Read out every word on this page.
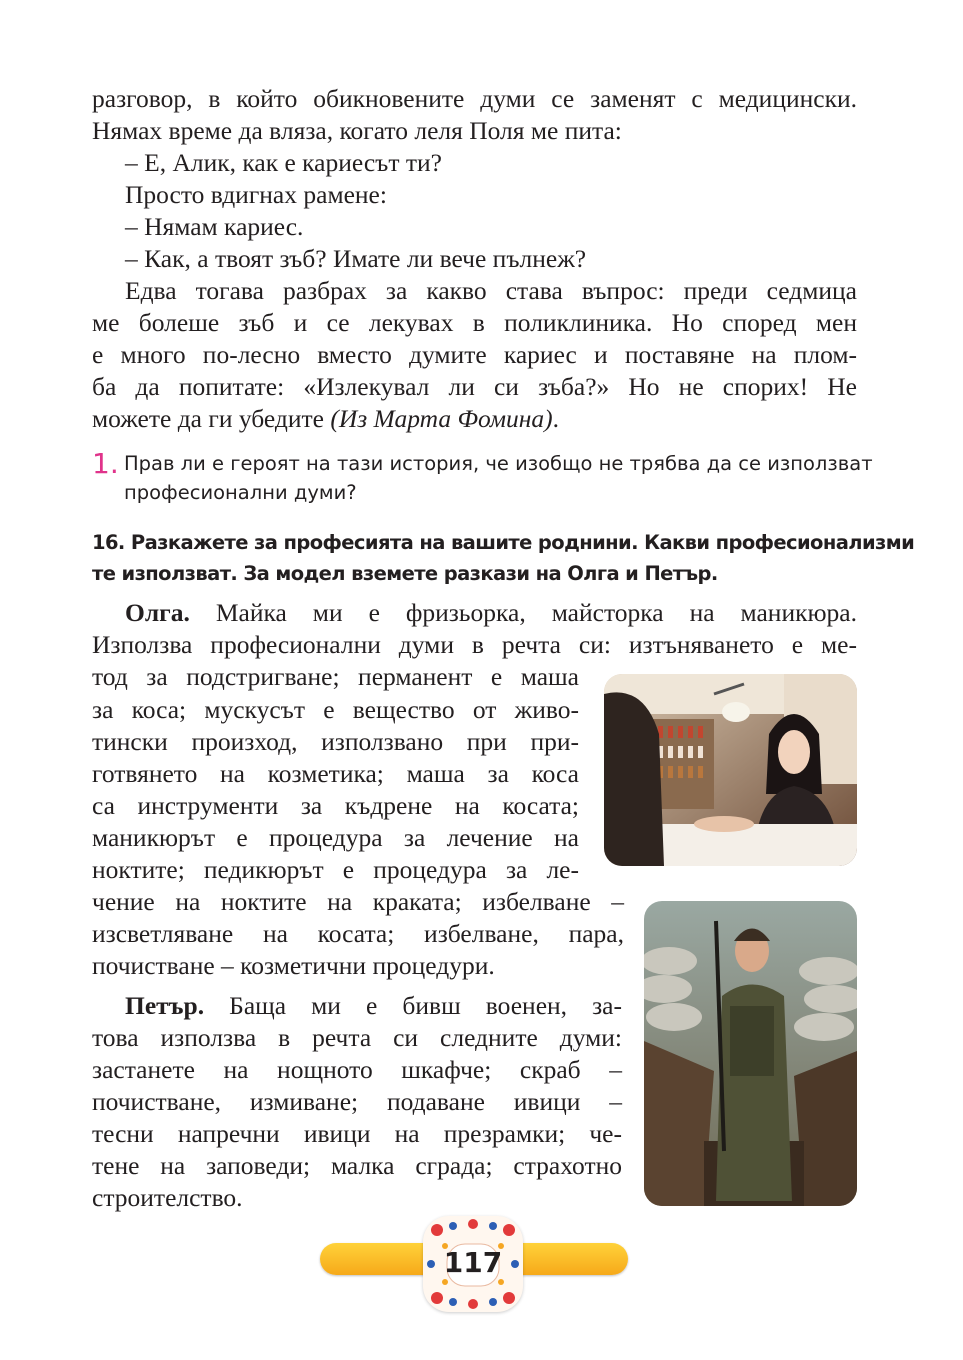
разговор, в който обикновените думи се заменят с медицински.
Нямах време да вляза, когато леля Поля ме пита:
– Е, Алик, как е кариесът ти?
Просто вдигнах рамене:
– Нямам кариес.
– Как, а твоят зъб? Имате ли вече пълнеж?
Едва тогава разбрах за какво става въпрос: преди седмица
ме болеше зъб и се лекувах в поликлиника. Но според мен
е много по-лесно вместо думите кариес и поставяне на плом-
ба да попитате: «Излекувал ли си зъба?» Но не спорих! Не
можете да ги убедите (Из Марта Фомина).
1. Прав ли е героят на тази история, че изобщо не трябва да се използват
професионални думи?
16. Разкажете за професията на вашите роднини. Какви професионализми
те използват. За модел вземете разкази на Олга и Петър.
Олга. Майка ми е фризьорка, майсторка на маникюра.
Използва професионални думи в речта си: изтъняването е ме-
тод за подстригване; перманент е маша
за коса; мускусът е вещество от живо-
тински произход, използвано при при-
готвянето на козметика; маша за коса
са инструменти за къдрене на косата;
маникюрът е процедура за лечение на
ноктите; педикюрът е процедура за ле-
чение на ноктите на краката; избелване –
изсветляване на косата; избелване, пара,
почистване – козметични процедури.
Петър. Баща ми е бивш военен, за-
това използва в речта си следните думи:
застанете на нощното шкафче; скраб –
почистване, измиване; подаване ивици –
тесни напречни ивици на презрамки; че-
тене на заповеди; малка сграда; страхотно
строителство.
117
